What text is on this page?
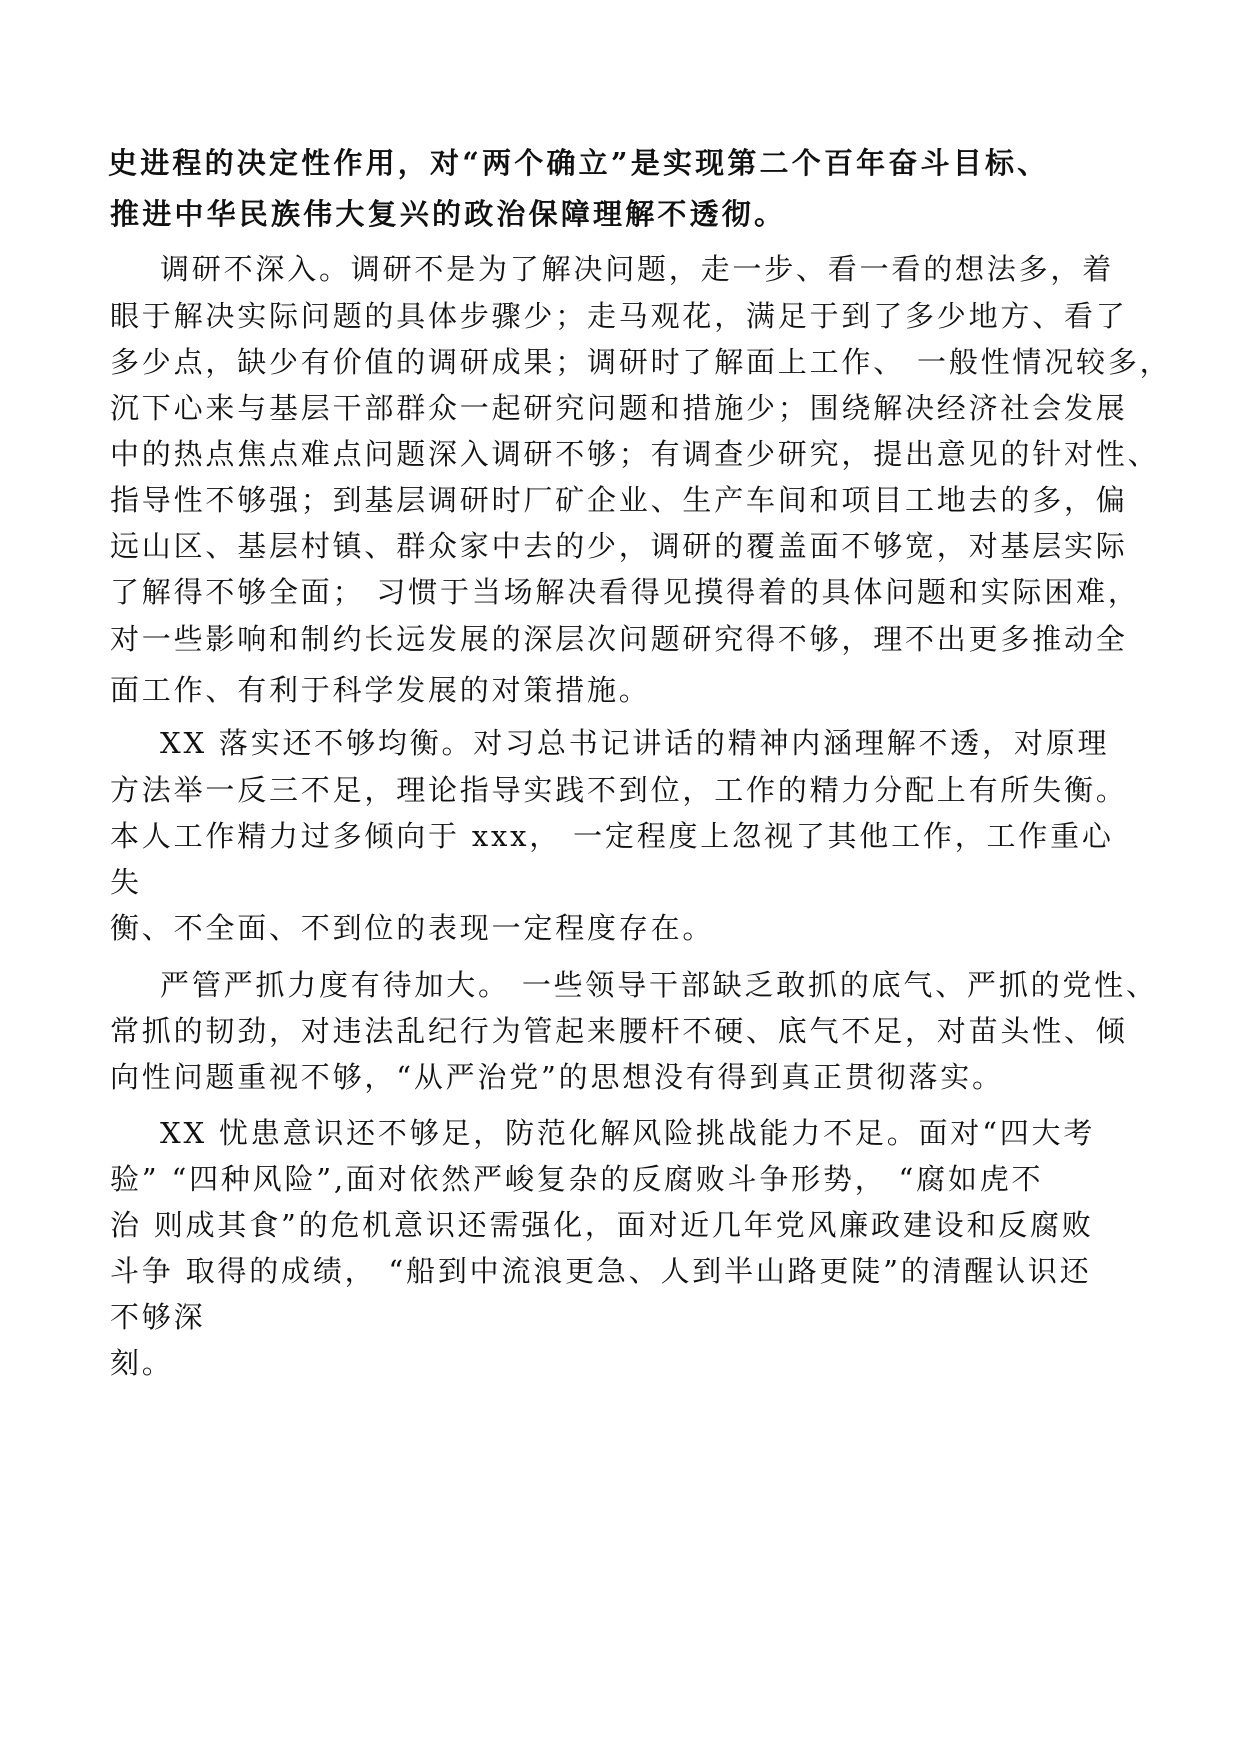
史进程的决定性作用，对“两个确立”是实现第二个百年奋斗目标、
推进中华民族伟大复兴的政治保障理解不透彻。
调研不深入。调研不是为了解决问题，走一步、看一看的想法多，着
眼于解决实际问题的具体步骤少；走马观花，满足于到了多少地方、看了
多少点，缺少有价值的调研成果；调研时了解面上工作、 一般性情况较多，
沉下心来与基层干部群众一起研究问题和措施少；围绕解决经济社会发展
中的热点焦点难点问题深入调研不够；有调查少研究，提出意见的针对性、
指导性不够强；到基层调研时厂矿企业、生产车间和项目工地去的多，偏
远山区、基层村镇、群众家中去的少，调研的覆盖面不够宽，对基层实际
了解得不够全面； 习惯于当场解决看得见摸得着的具体问题和实际困难，
对一些影响和制约长远发展的深层次问题研究得不够，理不出更多推动全
面工作、有利于科学发展的对策措施。
XX 落实还不够均衡。对习总书记讲话的精神内涵理解不透，对原理
方法举一反三不足，理论指导实践不到位，工作的精力分配上有所失衡。
本人工作精力过多倾向于 xxx， 一定程度上忽视了其他工作，工作重心
失
衡、不全面、不到位的表现一定程度存在。
严管严抓力度有待加大。 一些领导干部缺乏敢抓的底气、严抓的党性、
常抓的韧劲，对违法乱纪行为管起来腰杆不硬、底气不足，对苗头性、倾
向性问题重视不够，“从严治党”的思想没有得到真正贯彻落实。
XX 忧患意识还不够足，防范化解风险挑战能力不足。面对“四大考
验” “四种风险”,面对依然严峻复杂的反腐败斗争形势， “腐如虎不
治 则成其食”的危机意识还需强化，面对近几年党风廉政建设和反腐败
斗争 取得的成绩， “船到中流浪更急、人到半山路更陡”的清醒认识还
不够深
刻。
